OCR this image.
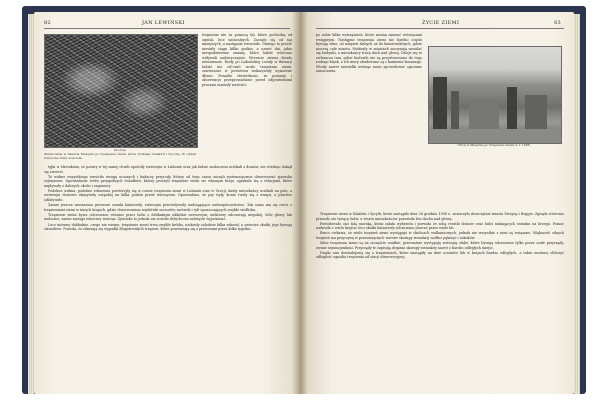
82	JAN LEWIŃSKI
Drobny.
Zniszczenia w mieście Mesynie po trzęsieniu ziemi, które dotknęło Kalabrii i Sycylię. W oddali widoczne ruiny kościoła.
trzęsienia nie za pomocą fal, które pochodzą od ognisk, lecz naturalnych. Zaczęło się od naj mniejszych, a następnie wzrastało. Dlatego to przeto niestały ciągu kilku godzin, a nawet dni, jakie niespodziewane zmiany, które ludzie wówczas widywali nadzwyczajnie. Wreszcie ziemia drżała nieustannie. Rosły po Lizbońskiej Leżały w Bawarji ludzie nie od-czuli wcale trzęsienia ziemi, zawieszone w powietrzu wskazywały wymowne dłonie. Ponadto stwierdzono, że pomiary i obserwacje przeprowadzone przed odpowiednimi pracami zaniżały wartości.

tyjki w Mieszkiem, że pożary w tej samej chwili opuściły zwierzęta w Lizbonie oraz jak ludzie zaskoczeni uciekali z domów, nie wiedząc dokąd się zwrócić.

To widmo wszystkiego zwróciło uwagę uczonych i badaczy przyrody, którzy od tego czasu zaczęli systematycznie obserwować zjawiska sejsmiczne. Opowiadanie wielu przygodnych świadków, którzy przeżyli trzęsienie ziemi we własnym kraju, zgadzało się z relacjami, które napływały z dalszych okolic i zagranicy.

Podobne widma, podobne zdarzenia powtórzyły się w czasie trzęsienia ziemi w Lubaniu oraz w Grecji, kiedy mieszkańcy uciekali na pola, a zwierzęta domowe okazywały niepokój na kilka godzin przed wstrząsem. Opowiadano, że psy wyły, konie rwały się z uwięzi, a ptactwo odlatywało.

Zanim jeszcze zauważono pierwsze oznaki katastrofy, zwierzęta przewidywały nadciągające niebezpieczeństwo. Tak samo ma się rzecz z trzęsieniami ziemi w innych krajach, gdzie obserwowano wędrówki szczurów, mrówek i ryb opuszczających zwykłe siedliska.

Trzęsienie ziemi bywa odczuwane również przez ludzi o delikatnym układzie nerwowym; niektórzy odczuwają niepokój, bóle głowy lub nudności, zanim nastąpi właściwy wstrząs. Zjawisko to jednak nie zostało dotychczas należycie wyjaśnione.

Lecz mówmy dokładnie, czego nie wiemy: trzęsienie ziemi trwa zwykle krótko, niekiedy zaledwie kilka sekund, a przecież skutki jego bywają straszliwe. Prawda, że zdarzają się wypadki długotrwałych trzęsień, które powtarzają się z przerwami przez kilka tygodni.

ŻYCIE ZIEMI	83
po sobie kilka wstrząśnień, które można nazwać wstrząsami wstępnymi. Następne trzęsienia ziemi nie bardzo często bywają silne, od natężeń słabych aż do katastrofalnych, gdzie niszczą całe miasta. Niekiedy w miastach zaczynają zawalać się budynki, a mieszkańcy tracą dach nad głową. Dzieje się to zwłaszcza tam, gdzie budowle nie są przystosowane do tego rodzaju klęsk, a ich mury zbudowane są z kamienia łamanego. Wtedy nawet niewielki wstrząs może spowodować ogromne zniszczenia.
Ulica w Mesynie po trzęsieniu ziemi w r. 1908.

Trzęsienie ziemi w Kalabrii i Sycylii, które nastąpiło dnia 28 grudnia 1908 r., zniszczyło doszczętnie miasta Mesynę i Reggio. Zginęło wówczas przeszło sto tysięcy ludzi, a reszta mieszkańców pozostała bez dachu nad głową.

Powodowało ono falę morską, która zalała wybrzeża i porwała ze sobą resztki domów oraz ludzi szukających ratunku na brzegu. Pomoc nadeszła z wielu krajów, lecz skutki katastrofy odczuwano jeszcze przez wiele lat.

Rzecz ciekawa, że wiele trzęsień ziemi występuje w okolicach wulkanicznych, jednak nie wszystkie z nimi są związane. Większość silnych trzęsień ma przyczynę w przesunięciach warstw skorupy ziemskiej wzdłuż pęknięć i uskoków.

Silne trzęsienia ziemi są na szczęście rzadkie; przeważnie występują wstrząsy słabe, które bywają odczuwane tylko przez czułe przyrządy, zwane sejsmografami. Przyrządy te zapisują drgania skorupy ziemskiej nawet z bardzo odległych miejsc.

Dzięki nim dowiadujemy się o trzęsieniach, które nastąpiły na dnie oceanów lub w krajach bardzo odległych, a także możemy obliczyć odległość ogniska trzęsienia od stacji obserwacyjnej.
